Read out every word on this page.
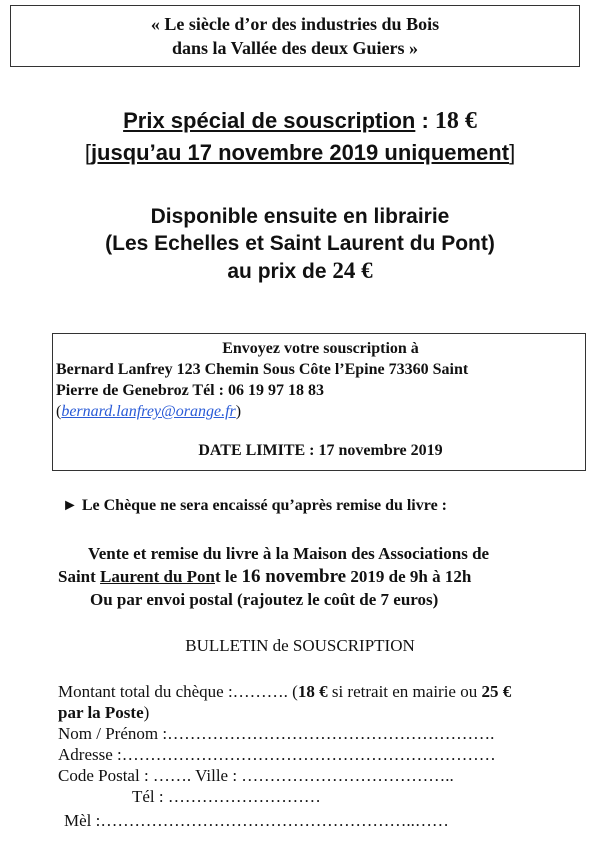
« Le siècle d’or des industries du Bois
dans la Vallée des deux Guiers »
Prix spécial de souscription : 18 €
[jusqu’au 17 novembre 2019 uniquement]
Disponible ensuite en librairie
(Les Echelles et Saint Laurent du Pont)
au prix de 24 €
Envoyez votre souscription à
Bernard Lanfrey 123 Chemin Sous Côte l’Epine 73360 Saint
Pierre de Genebroz Tél : 06 19 97 18 83
(bernard.lanfrey@orange.fr)
DATE LIMITE : 17 novembre 2019
► Le Chèque ne sera encaissé qu’après remise du livre :
Vente et remise du livre à la Maison des Associations de
Saint Laurent du Pont le 16 novembre 2019 de 9h à 12h
Ou par envoi postal (rajoutez le coût de 7 euros)
BULLETIN de SOUSCRIPTION
Montant total du chèque :………. (18 € si retrait en mairie ou 25 €
par la Poste)
Nom / Prénom :………………………………………………….
Adresse :…………………………………………………………
Code Postal : ……. Ville : ………………………………..
Tél : ………………………
Mèl :………………………………………………..……
